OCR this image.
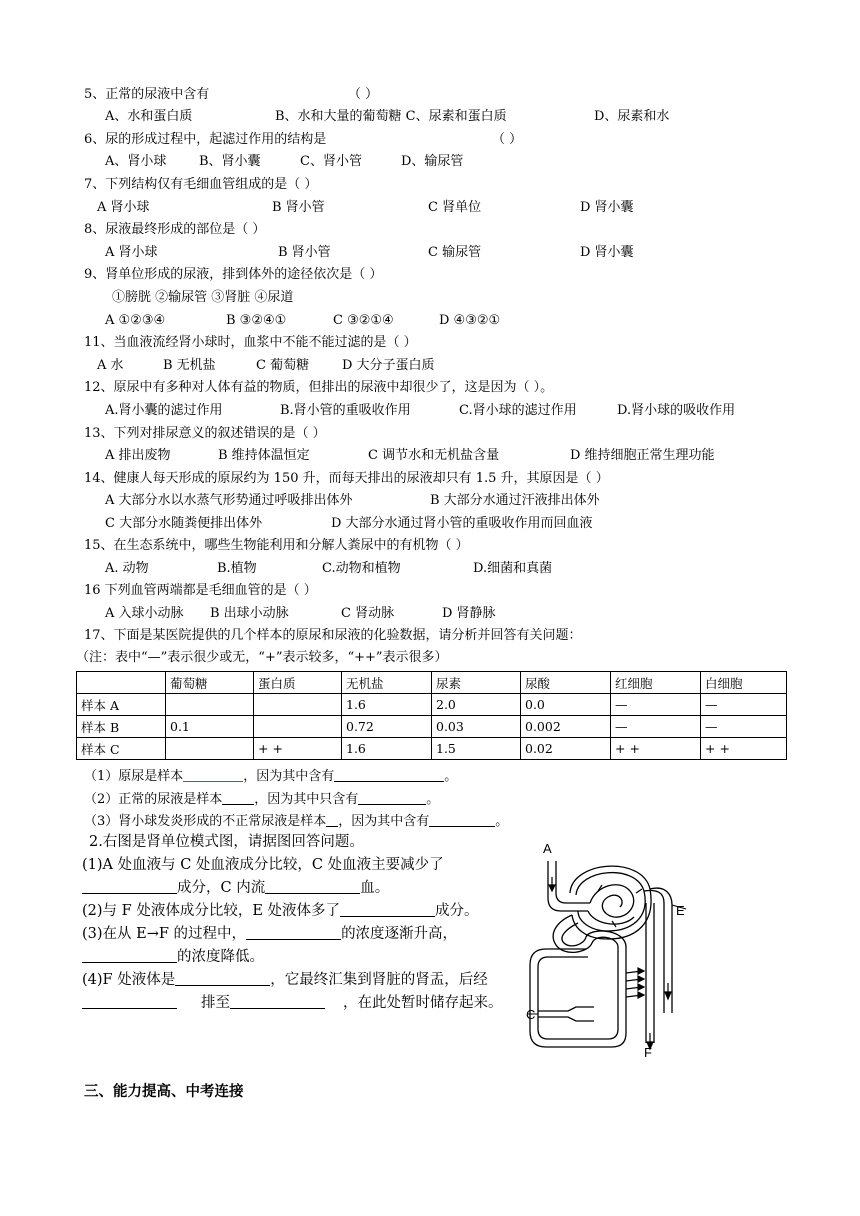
5、正常的尿液中含有	（ ）
A、水和蛋白质	B、水和大量的葡萄糖 C、尿素和蛋白质	D、尿素和水
6、尿的形成过程中，起滤过作用的结构是	（ ）
A、肾小球	B、肾小囊	C、肾小管	D、输尿管
7、下列结构仅有毛细血管组成的是（ ）
A 肾小球	B 肾小管	C 肾单位	D 肾小囊
8、尿液最终形成的部位是（ ）
A 肾小球	B 肾小管	C 输尿管	D 肾小囊
9、肾单位形成的尿液，排到体外的途径依次是（ ）
①膀胱 ②输尿管 ③肾脏 ④尿道
A ①②③④	B ③②④①	C ③②①④	D ④③②①
11、当血液流经肾小球时，血浆中不能不能过滤的是（ ）
A 水	B 无机盐	C 葡萄糖	D 大分子蛋白质
12、原尿中有多种对人体有益的物质，但排出的尿液中却很少了，这是因为（ ）。
A.肾小囊的滤过作用	B.肾小管的重吸收作用	C.肾小球的滤过作用	D.肾小球的吸收作用
13、下列对排尿意义的叙述错误的是（ ）
A 排出废物	B 维持体温恒定	C 调节水和无机盐含量	D 维持细胞正常生理功能
14、健康人每天形成的原尿约为 150 升，而每天排出的尿液却只有 1.5 升，其原因是（ ）
A 大部分水以水蒸气形势通过呼吸排出体外	B 大部分水通过汗液排出体外
C 大部分水随粪便排出体外	D 大部分水通过肾小管的重吸收作用而回血液
15、在生态系统中，哪些生物能利用和分解人粪尿中的有机物（ ）
A. 动物	B.植物	C.动物和植物	D.细菌和真菌
16 下列血管两端都是毛细血管的是（ ）
A 入球小动脉 B 出球小动脉	C 肾动脉	D 肾静脉
17、下面是某医院提供的几个样本的原尿和尿液的化验数据，请分析并回答有关问题：
（注：表中“—”表示很少或无，“+”表示较多，“++”表示很多）
	葡萄糖	蛋白质	无机盐	尿素	尿酸	红细胞	白细胞
样本 A			1.6	2.0	0.0	—	—
样本 B	0.1		0.72	0.03	0.002	—	—
样本 C		+ +	1.6	1.5	0.02	+ +	+ +
（1）原尿是样本	，因为其中含有	。
（2）正常的尿液是样本 ，因为其中只含有	。
（3）肾小球发炎形成的不正常尿液是样本 ，因为其中含有	。
2.右图是肾单位模式图，请据图回答问题。
(1)A 处血液与 C 处血液成分比较，C 处血液主要减少了
成分，C 内流	血。
(2)与 F 处液体成分比较，E 处液体多了	成分。
(3)在从 E→F 的过程中，	的浓度逐渐升高，
的浓度降低。
(4)F 处液体是	，它最终汇集到肾脏的肾盂，后经
排至	，在此处暂时储存起来。
A
E
C
F
三、能力提高、中考连接
